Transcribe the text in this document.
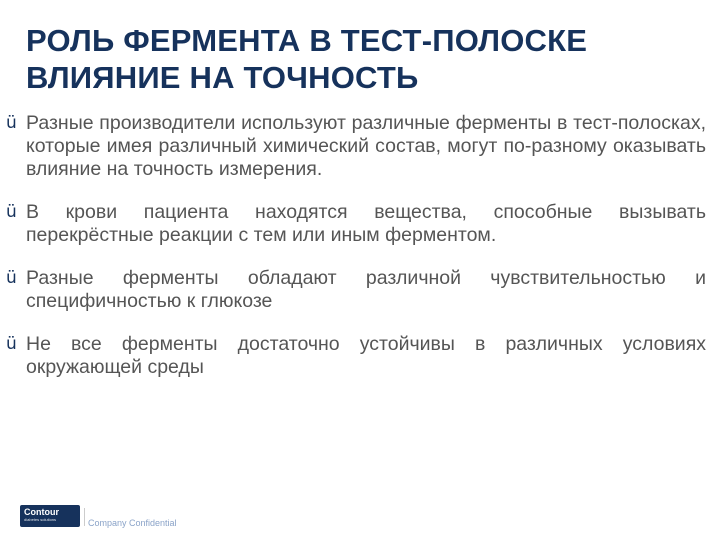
РОЛЬ ФЕРМЕНТА В ТЕСТ-ПОЛОСКЕ
ВЛИЯНИЕ НА ТОЧНОСТЬ
ü Разные производители используют различные ферменты в тест-полосках, которые имея различный химический состав, могут по-разному оказывать влияние на точность измерения.
ü В крови пациента находятся вещества, способные вызывать перекрёстные реакции с тем или иным ферментом.
ü Разные ферменты обладают различной чувствительностью и специфичностью к глюкозе
ü Не все ферменты достаточно устойчивы в различных условиях окружающей среды
Contour
diabetes solutions	Company Confidential
